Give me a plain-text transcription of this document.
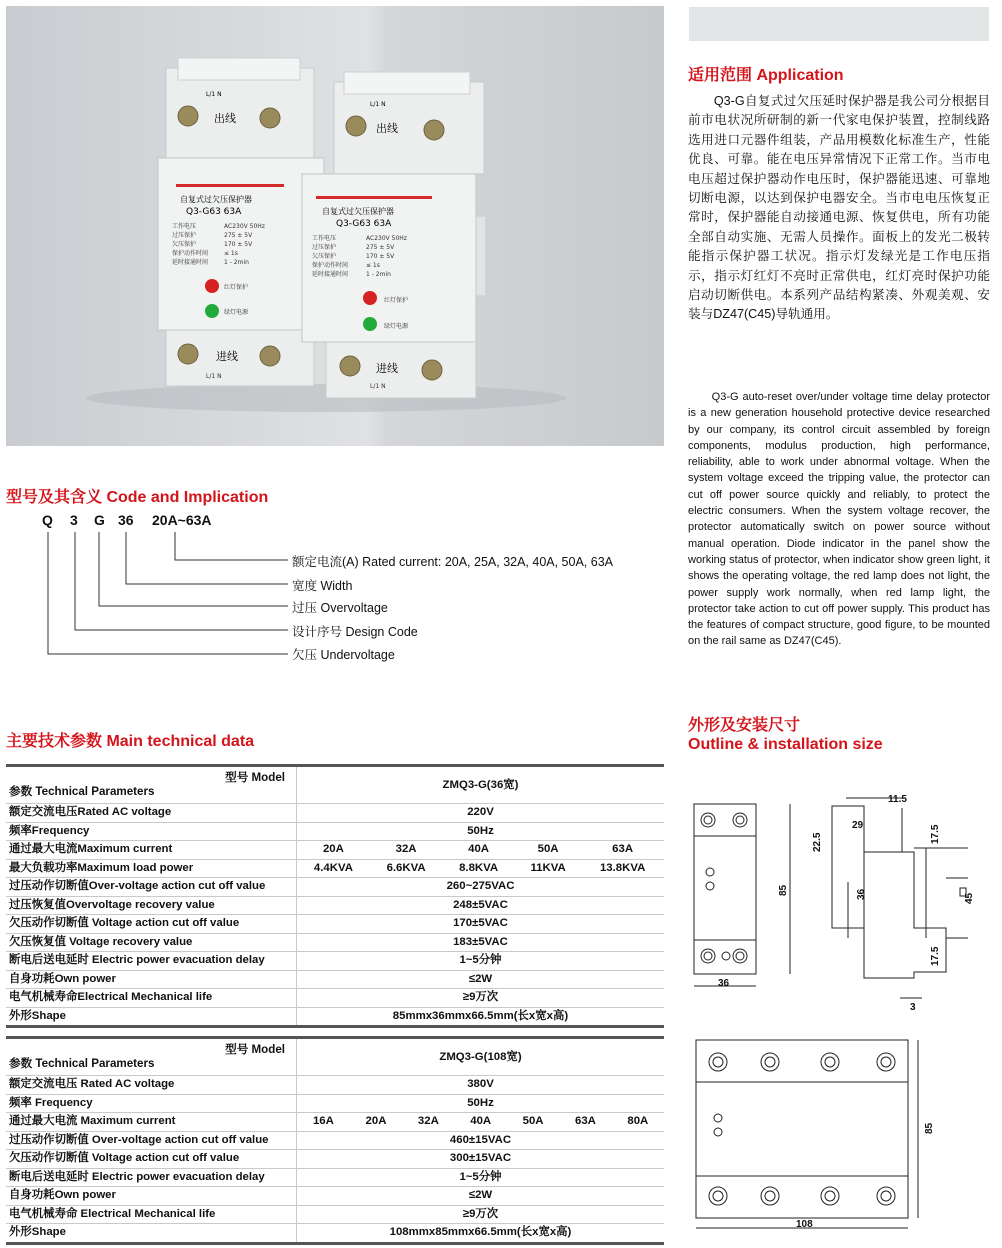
出线
L/1 N
自复式过欠压保护器
Q3-G63 63A
工作电压	AC230V 50Hz
过压保护	275 ± 5V
欠压保护	170 ± 5V
保护动作时间	≤ 1s
延时接通时间	1 - 2min
红灯保护
绿灯电源
L/1 N
进线
出线
L/1 N
自复式过欠压保护器
Q3-G63 63A
工作电压	AC230V 50Hz
过压保护	275 ± 5V
欠压保护	170 ± 5V
保护动作时间	≤ 1s
延时接通时间	1 - 2min
红灯保护
绿灯电源
L/1 N
进线
适用范围 Application
　　Q3-G自复式过欠压延时保护器是我公司分根据目前市电状况所研制的新一代家电保护装置，控制线路选用进口元器件组装，产品用模数化标准生产，性能优良、可靠。能在电压异常情况下正常工作。当市电电压超过保护器动作电压时，保护器能迅速、可靠地切断电源，以达到保护电器安全。当市电电压恢复正常时，保护器能自动接通电源、恢复供电，所有功能全部自动实施、无需人员操作。面板上的发光二极转能指示保护器工状况。指示灯发绿光是工作电压指示，指示灯红灯不亮时正常供电，红灯亮时保护功能启动切断供电。本系列产品结构紧凑、外观美观、安装与DZ47(C45)导轨通用。
　　Q3-G auto-reset over/under voltage time delay protector is a new generation household protective device researched by our company, its control circuit assembled by foreign components, modulus production, high performance, reliability, able to work under abnormal voltage. When the system voltage exceed the tripping value, the protector can cut off power source quickly and reliably, to protect the electric consumers. When the system voltage recover, the protector automatically switch on power source without manual operation. Diode indicator in the panel show the working status of protector, when indicator show green light, it shows the operating voltage, the red lamp does not light, the power supply work normally, when red lamp light, the protector take action to cut off power supply. This product has the features of compact structure, good figure, to be mounted on the rail same as DZ47(C45).
型号及其含义 Code and Implication
Q 3 G 36 20A~63A
额定电流(A) Rated current: 20A, 25A, 32A, 40A, 50A, 63A
宽度 Width
过压 Overvoltage
设计序号 Design Code
欠压 Undervoltage
主要技术参数 Main technical data
型号 Model
参数 Technical Parameters	ZMQ3-G(36宽)				
额定交流电压Rated AC voltage	220V				
频率Frequency	50Hz				
通过最大电流Maximum current	20A	32A	40A	50A	63A
最大负载功率Maximum load power	4.4KVA	6.6KVA	8.8KVA	11KVA	13.8KVA
过压动作切断值Over-voltage action cut off value	260~275VAC				
过压恢复值Overvoltage recovery value	248±5VAC				
欠压动作切断值 Voltage action cut off value	170±5VAC				
欠压恢复值 Voltage recovery value	183±5VAC				
断电后送电延时 Electric power evacuation delay	1~5分钟				
自身功耗Own power	≤2W				
电气机械寿命Electrical Mechanical life	≥9万次				
外形Shape	85mmx36mmx66.5mm(长x宽x高)				
型号 Model
参数 Technical Parameters	ZMQ3-G(108宽)						
额定交流电压 Rated AC voltage	380V						
频率 Frequency	50Hz						
通过最大电流 Maximum current	16A	20A	32A	40A	50A	63A	80A
过压动作切断值 Over-voltage action cut off value	460±15VAC						
欠压动作切断值 Voltage action cut off value	300±15VAC						
断电后送电延时 Electric power evacuation delay	1~5分钟						
自身功耗Own power	≤2W						
电气机械寿命 Electrical Mechanical life	≥9万次						
外形Shape	108mmx85mmx66.5mm(长x宽x高)						
外形及安装尺寸
Outline & installation size
11.5
29
22.5	17.5
85	36	45
17.5
36
3
85
108
